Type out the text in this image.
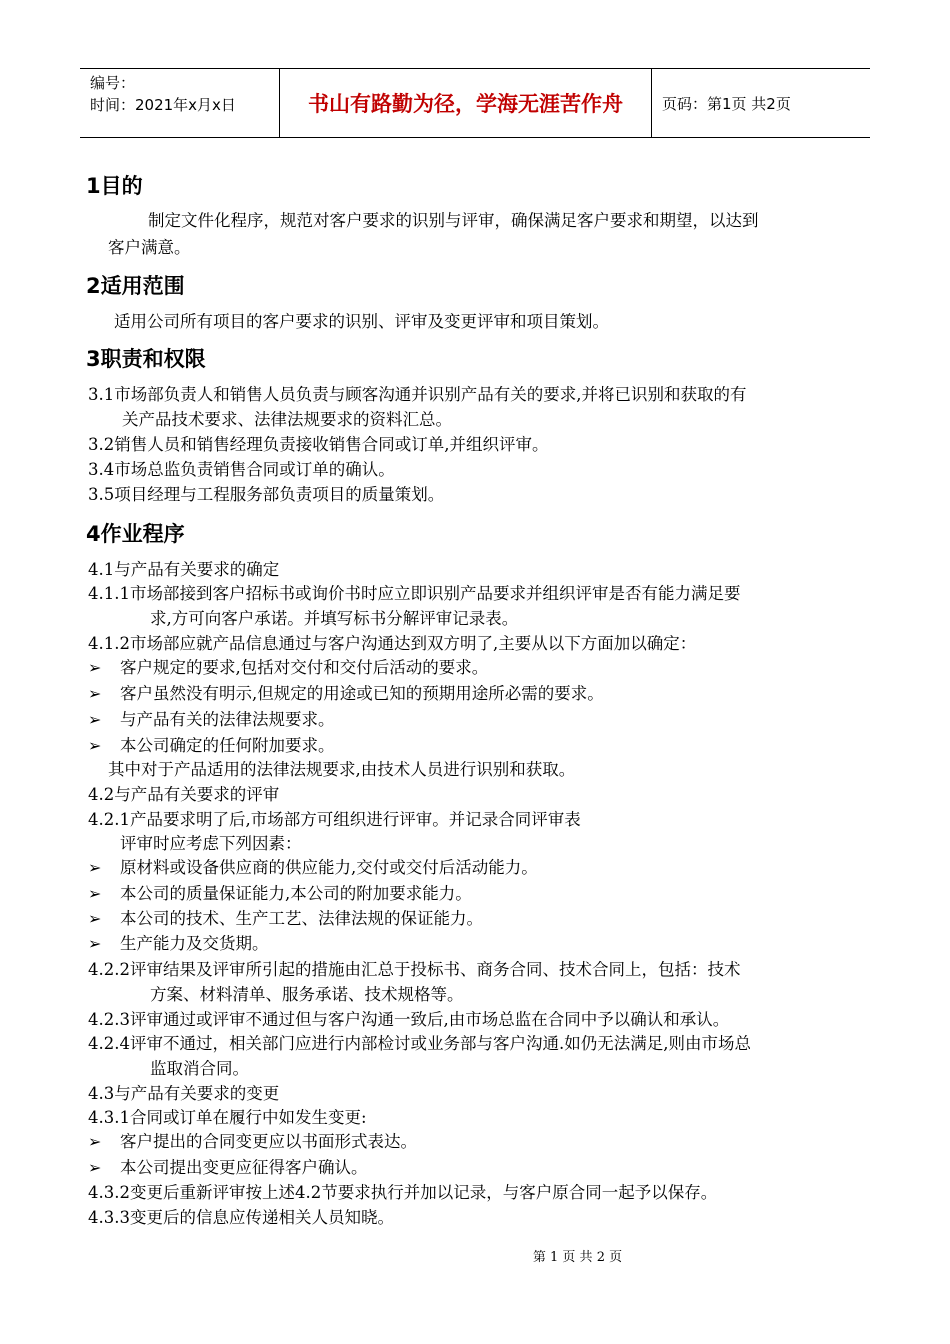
编号：
时间：2021年x月x日	书山有路勤为径，学海无涯苦作舟	页码：第1页 共2页
1目的

制定文件化程序，规范对客户要求的识别与评审，确保满足客户要求和期望，以达到

客户满意。

2适用范围

适用公司所有项目的客户要求的识别、评审及变更评审和项目策划。

3职责和权限

3.1市场部负责人和销售人员负责与顾客沟通并识别产品有关的要求,并将已识别和获取的有

关产品技术要求、法律法规要求的资料汇总。

3.2销售人员和销售经理负责接收销售合同或订单,并组织评审。

3.4市场总监负责销售合同或订单的确认。

3.5项目经理与工程服务部负责项目的质量策划。

4作业程序

4.1与产品有关要求的确定

4.1.1市场部接到客户招标书或询价书时应立即识别产品要求并组织评审是否有能力满足要

求,方可向客户承诺。并填写标书分解评审记录表。

4.1.2市场部应就产品信息通过与客户沟通达到双方明了,主要从以下方面加以确定：

➢ 客户规定的要求,包括对交付和交付后活动的要求。

➢ 客户虽然没有明示,但规定的用途或已知的预期用途所必需的要求。

➢ 与产品有关的法律法规要求。

➢ 本公司确定的任何附加要求。

其中对于产品适用的法律法规要求,由技术人员进行识别和获取。

4.2与产品有关要求的评审

4.2.1产品要求明了后,市场部方可组织进行评审。并记录合同评审表

评审时应考虑下列因素：

➢ 原材料或设备供应商的供应能力,交付或交付后活动能力。

➢ 本公司的质量保证能力,本公司的附加要求能力。

➢ 本公司的技术、生产工艺、法律法规的保证能力。

➢ 生产能力及交货期。

4.2.2评审结果及评审所引起的措施由汇总于投标书、商务合同、技术合同上，包括：技术

方案、材料清单、服务承诺、技术规格等。

4.2.3评审通过或评审不通过但与客户沟通一致后,由市场总监在合同中予以确认和承认。

4.2.4评审不通过，相关部门应进行内部检讨或业务部与客户沟通.如仍无法满足,则由市场总

监取消合同。

4.3与产品有关要求的变更

4.3.1合同或订单在履行中如发生变更:

➢ 客户提出的合同变更应以书面形式表达。

➢ 本公司提出变更应征得客户确认。

4.3.2变更后重新评审按上述4.2节要求执行并加以记录，与客户原合同一起予以保存。

4.3.3变更后的信息应传递相关人员知晓。

第 1 页 共 2 页
